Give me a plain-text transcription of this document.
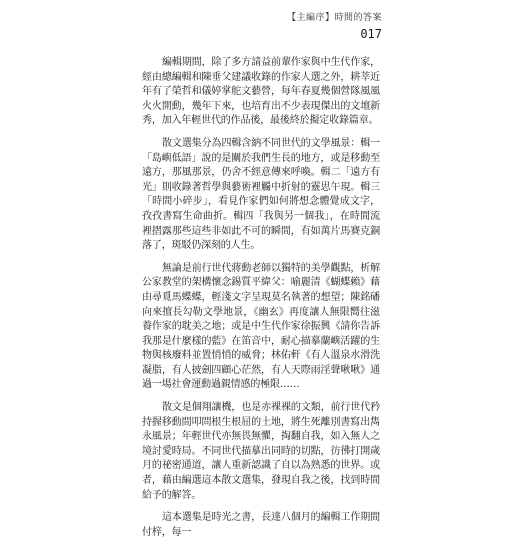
【主編序】時間的答案
017

編輯期間，除了多方請益前輩作家與中生代作家，經由總編輯和陳垂父建議收錄的作家人選之外，耕莘近年有了榮哲和儀婷掌舵文藝營，每年春夏幾個營隊風風火火開動，幾年下來，也培育出不少表現傑出的文壇新秀，加入年輕世代的作品後，最後終於擬定收錄篇章。

散文選集分為四輯含納不同世代的文學風景：輯一「島嶼低語」說的是關於我們生長的地方，或是移動至遠方，那風那景，仍舍不經意傳來呼喚。輯二「遠方有光」則收錄著哲學與藝術裡觸中折射的靈思午現。輯三「時間小碎步」，看見作家們如何將想念體覺成文字，孜孜書寫生命曲折。輯四「我與另一個我」，在時間流裡摺露那些這些非如此不可的瞬間，有如萬片馬賽克銅落了，斑駁仍深刻的人生。

無論是前行世代蔣動老師以獨特的美學觀點，析解公家教堂的架構懷念錫質平緯父：喻麗清《蝴蝶賴》藉由尋覓馬蝶蝶，輕淺文字呈現莫名執著的想望；陳銘磻向來擅長勾勒文學地景，《幽玄》再度讓人無限嚮往滋養作家的耽美之地；或是中生代作家徐振興《請你告訴我那是什麼樣的藍》在笛音中，耐心描摹蘭嶼活躍的生物與核廢料並置悄悄的威脅；林佑軒《有人溫泉水滑洗凝脂，有人披劍四顧心茫然，有人天際雨淫聲啾啾》通過一場社會運動過親情感的極限……

散文是個翔讓機，也是赤裸裸的文類，前行世代矜持握移動間叩問根生根屈的土地，將生死離別書寫出雋永風景；年輕世代亦無畏無懼，掏翻自我，如入無人之境討愛時局。不同世代描摹出同時的切點，彷彿打開歲月的祕密通道，讓人重新認識了自以為熟悉的世界。或者，藉由編選這本散文選集，發現自我之後，找到時間給予的解答。

這本選集是時光之書，長達八個月的編輯工作期間付梓，每一
